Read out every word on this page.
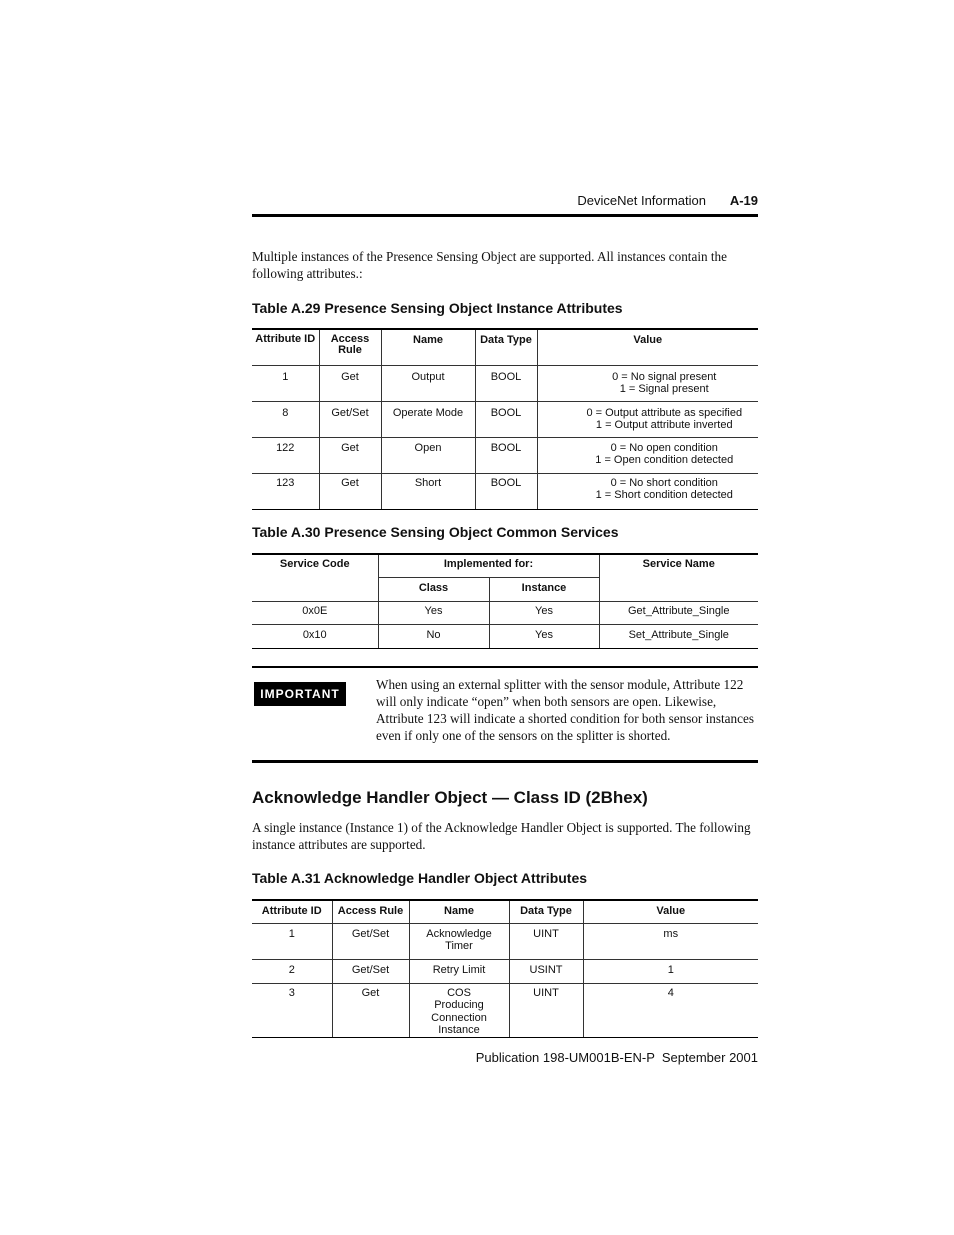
DeviceNet Information A-19
Multiple instances of the Presence Sensing Object are supported. All instances contain the following attributes.:
Table A.29 Presence Sensing Object Instance Attributes
Attribute ID	Access Rule	Name	Data Type	Value

1	Get	Output	BOOL	0 = No signal present
1 = Signal present

8	Get/Set	Operate Mode	BOOL	0 = Output attribute as specified
1 = Output attribute inverted

122	Get	Open	BOOL	0 = No open condition
1 = Open condition detected

123	Get	Short	BOOL	0 = No short condition
1 = Short condition detected
Table A.30 Presence Sensing Object Common Services
Service Code	Implemented for:		Service Name

	Class	Instance	

0x0E	Yes	Yes	Get_Attribute_Single

0x10	No	Yes	Set_Attribute_Single
IMPORTANT
When using an external splitter with the sensor module, Attribute 122 will only indicate “open” when both sensors are open. Likewise, Attribute 123 will indicate a shorted condition for both sensor instances even if only one of the sensors on the splitter is shorted.
Acknowledge Handler Object — Class ID (2Bhex)
A single instance (Instance 1) of the Acknowledge Handler Object is supported. The following instance attributes are supported.
Table A.31 Acknowledge Handler Object Attributes
Attribute ID	Access Rule	Name	Data Type	Value

1	Get/Set	Acknowledge Timer	UINT	ms

2	Get/Set	Retry Limit	USINT	1

3	Get	COS Producing Connection Instance	UINT	4
Publication 198-UM001B-EN-P  September 2001
